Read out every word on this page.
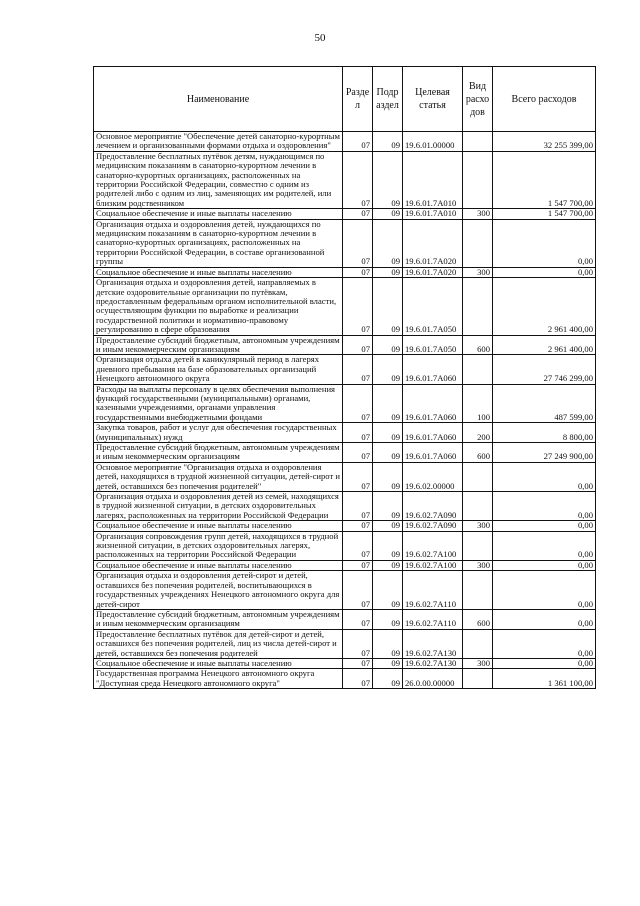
50
Наименование	Разде л	Подр аздел	Целевая статья	Вид расхо дов	Всего расходов
Основное мероприятие "Обеспечение детей санаторно-курортным лечением и организованными формами отдыха и оздоровления"	07	09	19.6.01.00000		32 255 399,00
Предоставление бесплатных путёвок детям, нуждающимся по медицинским показаниям в санаторно-курортном лечении в санаторно-курортных организациях, расположенных на территории Российской Федерации, совместно с одним из родителей либо с одним из лиц, заменяющих им родителей, или близким родственником	07	09	19.6.01.7А010		1 547 700,00
Социальное обеспечение и иные выплаты населению	07	09	19.6.01.7А010	300	1 547 700,00
Организация отдыха и оздоровления детей, нуждающихся по медицинским показаниям в санаторно-курортном лечении в санаторно-курортных организациях, расположенных на территории Российской Федерации, в составе организованной группы	07	09	19.6.01.7А020		0,00
Социальное обеспечение и иные выплаты населению	07	09	19.6.01.7А020	300	0,00
Организация отдыха и оздоровления детей, направляемых в детские оздоровительные организации по путёвкам, предоставленным федеральным органом исполнительной власти, осуществляющим функции по выработке и реализации государственной политики и нормативно-правовому регулированию в сфере образования	07	09	19.6.01.7А050		2 961 400,00
Предоставление субсидий бюджетным, автономным учреждениям и иным некоммерческим организациям	07	09	19.6.01.7А050	600	2 961 400,00
Организация отдыха детей в каникулярный период в лагерях дневного пребывания на базе образовательных организаций Ненецкого автономного округа	07	09	19.6.01.7А060		27 746 299,00
Расходы на выплаты персоналу в целях обеспечения выполнения функций государственными (муниципальными) органами, казенными учреждениями, органами управления государственными внебюджетными фондами	07	09	19.6.01.7А060	100	487 599,00
Закупка товаров, работ и услуг для обеспечения государственных (муниципальных) нужд	07	09	19.6.01.7А060	200	8 800,00
Предоставление субсидий бюджетным, автономным учреждениям и иным некоммерческим организациям	07	09	19.6.01.7А060	600	27 249 900,00
Основное мероприятие "Организация отдыха и оздоровления детей, находящихся в трудной жизненной ситуации, детей-сирот и детей, оставшихся без попечения родителей"	07	09	19.6.02.00000		0,00
Организация отдыха и оздоровления детей из семей, находящихся в трудной жизненной ситуации, в детских оздоровительных лагерях, расположенных на территории Российской Федерации	07	09	19.6.02.7А090		0,00
Социальное обеспечение и иные выплаты населению	07	09	19.6.02.7А090	300	0,00
Организация сопровождения групп детей, находящихся в трудной жизненной ситуации, в детских оздоровительных лагерях, расположенных на территории Российской Федерации	07	09	19.6.02.7А100		0,00
Социальное обеспечение и иные выплаты населению	07	09	19.6.02.7А100	300	0,00
Организация отдыха и оздоровления детей-сирот и детей, оставшихся без попечения родителей, воспитывающихся в государственных учреждениях Ненецкого автономного округа для детей-сирот	07	09	19.6.02.7А110		0,00
Предоставление субсидий бюджетным, автономным учреждениям и иным некоммерческим организациям	07	09	19.6.02.7А110	600	0,00
Предоставление бесплатных путёвок для детей-сирот и детей, оставшихся без попечения родителей, лиц из числа детей-сирот и детей, оставшихся без попечения родителей	07	09	19.6.02.7А130		0,00
Социальное обеспечение и иные выплаты населению	07	09	19.6.02.7А130	300	0,00
Государственная программа Ненецкого автономного округа "Доступная среда Ненецкого автономного округа"	07	09	26.0.00.00000		1 361 100,00
